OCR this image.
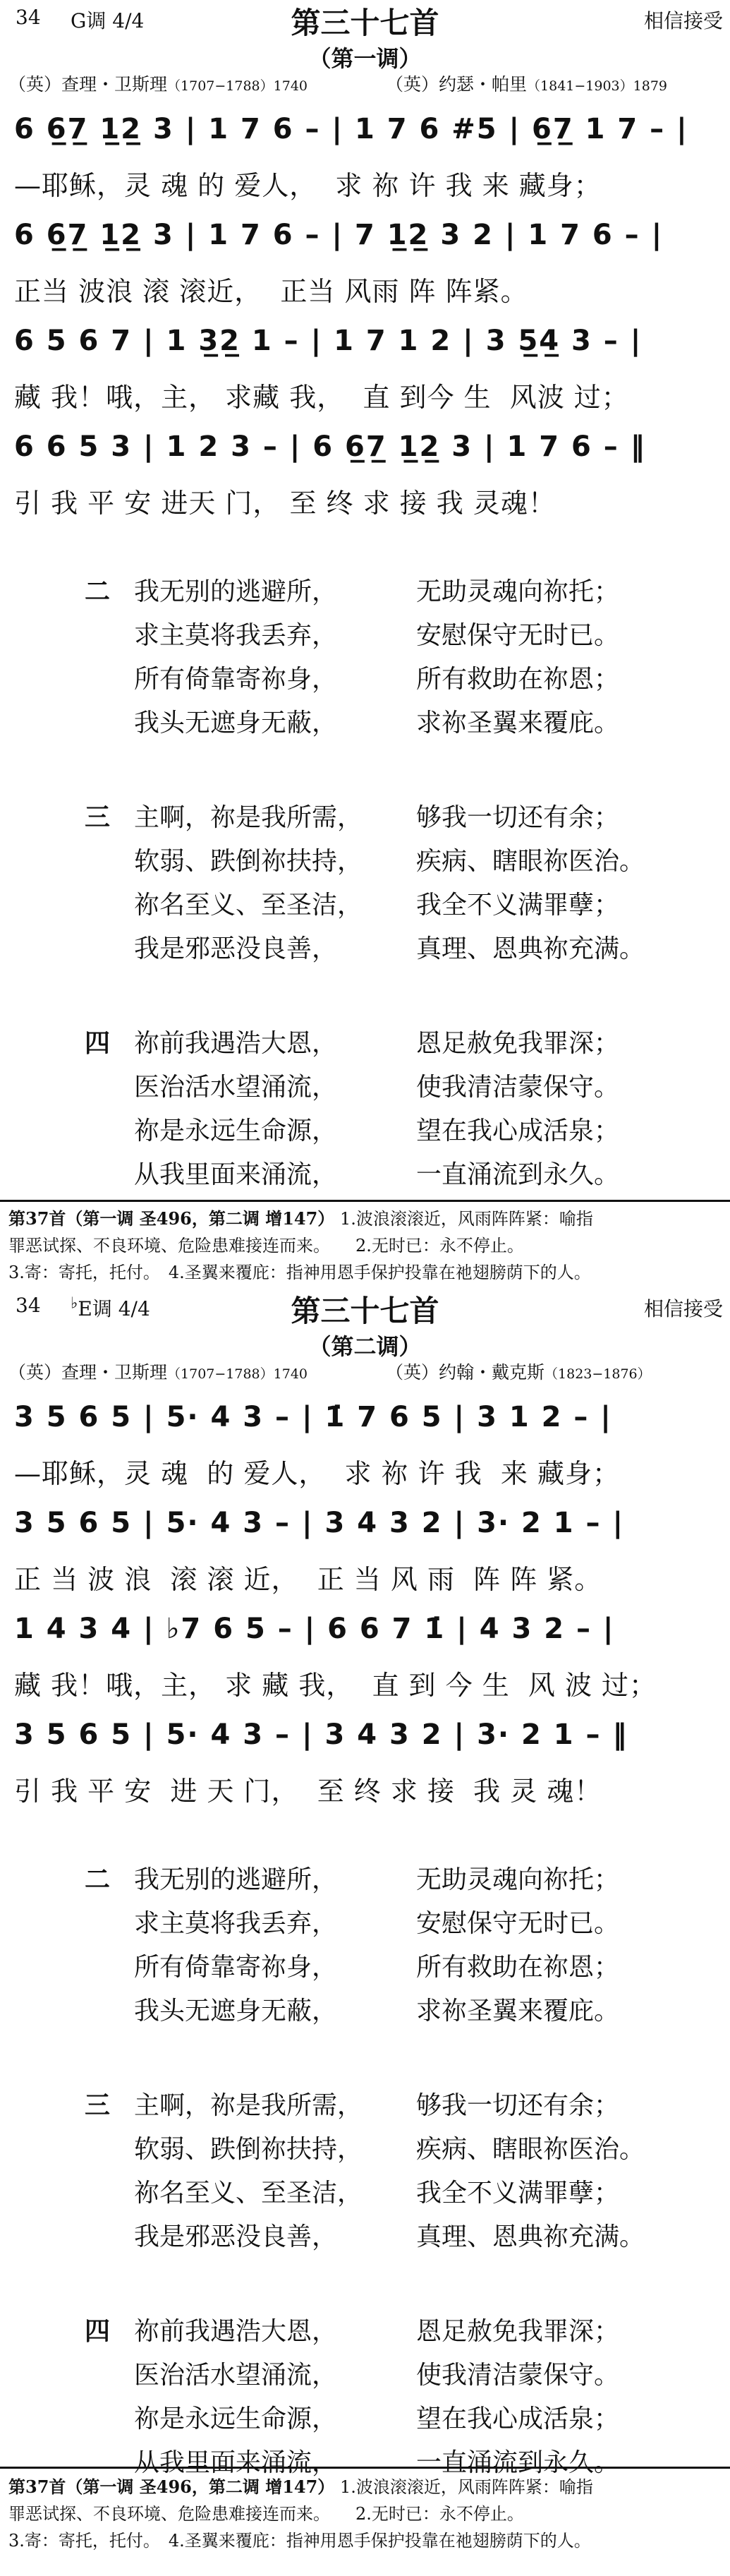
34 G调 4/4	第三十七首	相信接受
（第一调）
（英）查理・卫斯理（1707−1788）1740	（英）约瑟・帕里（1841−1903）1879
6 6̲7̲ 1̲2̲ 3 | 1 7 6 – | 1 7 6 #5 | 6̲7̲ 1 7 – |
—耶稣，灵 魂 的 爱人，  求 祢 许 我 来 藏身；
6 6̲7̲ 1̲2̲ 3 | 1 7 6 – | 7 1̲2̲ 3 2 | 1 7 6 – |
正当 波浪 滚 滚近，  正当 风雨 阵 阵紧。
6 5 6 7 | 1 3̲2̲ 1 – | 1 7 1 2 | 3 5̲4̲ 3 – |
藏 我！哦，主， 求藏 我，  直 到今 生  风波 过；
6 6 5 3 | 1 2 3 – | 6 6̲7̲ 1̲2̲ 3 | 1 7 6 – ‖
引 我 平 安 进天 门， 至 终 求 接 我 灵魂！
二 我无别的逃避所，	无助灵魂向祢托；
求主莫将我丢弃，	安慰保守无时已。
所有倚靠寄祢身，	所有救助在祢恩；
我头无遮身无蔽，	求祢圣翼来覆庇。
三 主啊，祢是我所需， 够我一切还有余；
软弱、跌倒祢扶持， 疾病、瞎眼祢医治。
祢名至义、至圣洁， 我全不义满罪孽；
我是邪恶没良善，	真理、恩典祢充满。
四 祢前我遇浩大恩，	恩足赦免我罪深；
医治活水望涌流，	使我清洁蒙保守。
祢是永远生命源，	望在我心成活泉；
从我里面来涌流，	一直涌流到永久。
第37首（第一调 圣496，第二调 增147） 1.波浪滚滚近，风雨阵阵紧：喻指
罪恶试探、不良环境、危险患难接连而来。　　2.无时已：永不停止。
3.寄：寄托，托付。　4.圣翼来覆庇：指神用恩手保护投靠在祂翅膀荫下的人。
34 ♭E调 4/4	第三十七首	相信接受
（第二调）
（英）查理・卫斯理（1707−1788）1740	（英）约翰・戴克斯（1823−1876）
3 5 6 5 | 5· 4 3 – | 1̇ 7 6 5 | 3 1 2 – |
—耶稣，灵 魂  的 爱人，  求 祢 许 我  来 藏身；
3 5 6 5 | 5· 4 3 – | 3 4 3 2 | 3· 2 1 – |
正 当 波 浪  滚 滚 近，  正 当 风 雨  阵 阵 紧。
1 4 3 4 | ♭7 6 5 – | 6 6 7 1̇ | 4 3 2 – |
藏 我！哦，主， 求 藏 我，  直 到 今 生  风 波 过；
3 5 6 5 | 5· 4 3 – | 3 4 3 2 | 3· 2 1 – ‖
引 我 平 安  进 天 门，  至 终 求 接  我 灵 魂！
二 我无别的逃避所，	无助灵魂向祢托；
求主莫将我丢弃，	安慰保守无时已。
所有倚靠寄祢身，	所有救助在祢恩；
我头无遮身无蔽，	求祢圣翼来覆庇。
三 主啊，祢是我所需， 够我一切还有余；
软弱、跌倒祢扶持， 疾病、瞎眼祢医治。
祢名至义、至圣洁， 我全不义满罪孽；
我是邪恶没良善，	真理、恩典祢充满。
四 祢前我遇浩大恩，	恩足赦免我罪深；
医治活水望涌流，	使我清洁蒙保守。
祢是永远生命源，	望在我心成活泉；
从我里面来涌流，	一直涌流到永久。
第37首（第一调 圣496，第二调 增147） 1.波浪滚滚近，风雨阵阵紧：喻指
罪恶试探、不良环境、危险患难接连而来。　　2.无时已：永不停止。
3.寄：寄托，托付。　4.圣翼来覆庇：指神用恩手保护投靠在祂翅膀荫下的人。
